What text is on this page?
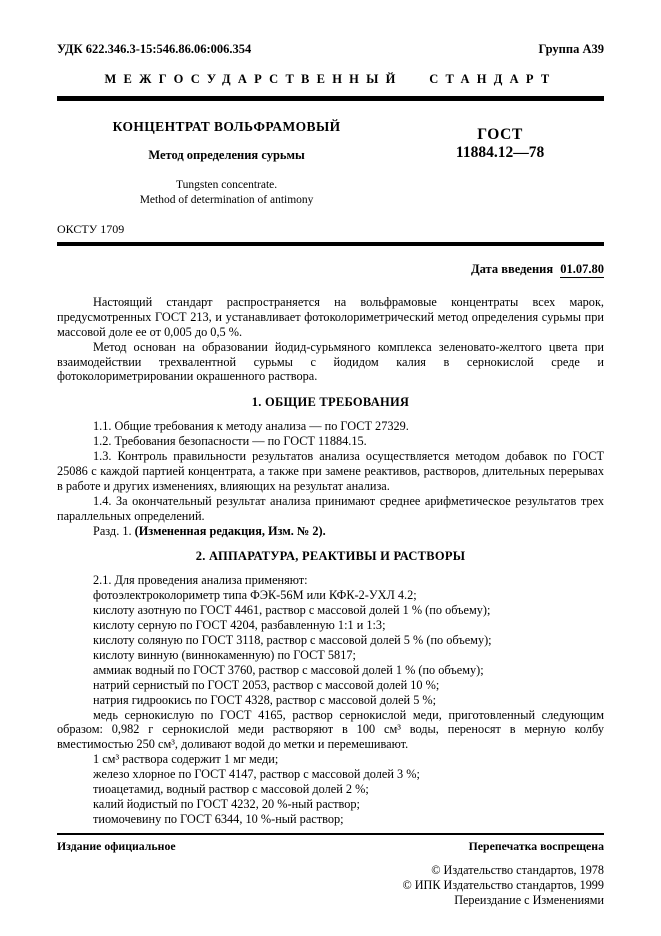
УДК 622.346.3-15:546.86.06:006.354	Группа А39
МЕЖГОСУДАРСТВЕННЫЙ СТАНДАРТ
КОНЦЕНТРАТ ВОЛЬФРАМОВЫЙ
Метод определения сурьмы
Tungsten concentrate.
Method of determination of antimony
ГОСТ
11884.12—78
ОКСТУ 1709
Дата введения 01.07.80

Настоящий стандарт распространяется на вольфрамовые концентраты всех марок, предусмотренных ГОСТ 213, и устанавливает фотоколориметрический метод определения сурьмы при массовой доле ее от 0,005 до 0,5 %.

Метод основан на образовании йодид-сурьмяного комплекса зеленовато-желтого цвета при взаимодействии трехвалентной сурьмы с йодидом калия в сернокислой среде и фотоколориметрировании окрашенного раствора.

1. ОБЩИЕ ТРЕБОВАНИЯ

1.1. Общие требования к методу анализа — по ГОСТ 27329.

1.2. Требования безопасности — по ГОСТ 11884.15.

1.3. Контроль правильности результатов анализа осуществляется методом добавок по ГОСТ 25086 с каждой партией концентрата, а также при замене реактивов, растворов, длительных перерывах в работе и других изменениях, влияющих на результат анализа.

1.4. За окончательный результат анализа принимают среднее арифметическое результатов трех параллельных определений.

Разд. 1. (Измененная редакция, Изм. № 2).

2. АППАРАТУРА, РЕАКТИВЫ И РАСТВОРЫ

2.1. Для проведения анализа применяют:

фотоэлектроколориметр типа ФЭК-56М или КФК-2-УХЛ 4.2;

кислоту азотную по ГОСТ 4461, раствор с массовой долей 1 % (по объему);

кислоту серную по ГОСТ 4204, разбавленную 1:1 и 1:3;

кислоту соляную по ГОСТ 3118, раствор с массовой долей 5 % (по объему);

кислоту винную (виннокаменную) по ГОСТ 5817;

аммиак водный по ГОСТ 3760, раствор с массовой долей 1 % (по объему);

натрий сернистый по ГОСТ 2053, раствор с массовой долей 10 %;

натрия гидроокись по ГОСТ 4328, раствор с массовой долей 5 %;

медь сернокислую по ГОСТ 4165, раствор сернокислой меди, приготовленный следующим образом: 0,982 г сернокислой меди растворяют в 100 см³ воды, переносят в мерную колбу вместимостью 250 см³, доливают водой до метки и перемешивают.

1 см³ раствора содержит 1 мг меди;

железо хлорное по ГОСТ 4147, раствор с массовой долей 3 %;

тиоацетамид, водный раствор с массовой долей 2 %;

калий йодистый по ГОСТ 4232, 20 %-ный раствор;

тиомочевину по ГОСТ 6344, 10 %-ный раствор;

Издание официальное	Перепечатка воспрещена
© Издательство стандартов, 1978
© ИПК Издательство стандартов, 1999
Переиздание с Изменениями
